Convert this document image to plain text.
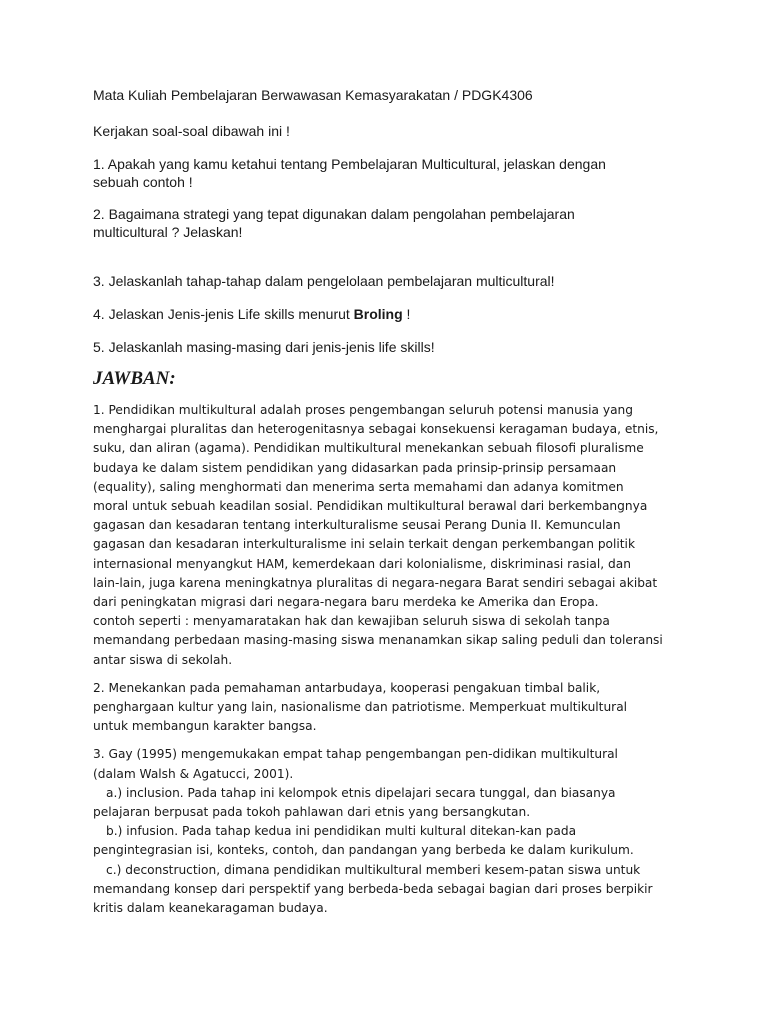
Mata Kuliah Pembelajaran Berwawasan Kemasyarakatan / PDGK4306

Kerjakan soal-soal dibawah ini !

1. Apakah yang kamu ketahui tentang Pembelajaran Multicultural, jelaskan dengan

sebuah contoh !

2. Bagaimana strategi yang tepat digunakan dalam pengolahan pembelajaran

multicultural ? Jelaskan!

3. Jelaskanlah tahap-tahap dalam pengelolaan pembelajaran multicultural!

4. Jelaskan Jenis-jenis Life skills menurut Broling !

5. Jelaskanlah masing-masing dari jenis-jenis life skills!

JAWBAN:

1. Pendidikan multikultural adalah proses pengembangan seluruh potensi manusia yang

menghargai pluralitas dan heterogenitasnya sebagai konsekuensi keragaman budaya, etnis,

suku, dan aliran (agama). Pendidikan multikultural menekankan sebuah filosofi pluralisme

budaya ke dalam sistem pendidikan yang didasarkan pada prinsip-prinsip persamaan

(equality), saling menghormati dan menerima serta memahami dan adanya komitmen

moral untuk sebuah keadilan sosial. Pendidikan multikultural berawal dari berkembangnya

gagasan dan kesadaran tentang interkulturalisme seusai Perang Dunia II. Kemunculan

gagasan dan kesadaran interkulturalisme ini selain terkait dengan perkembangan politik

internasional menyangkut HAM, kemerdekaan dari kolonialisme, diskriminasi rasial, dan

lain-lain, juga karena meningkatnya pluralitas di negara-negara Barat sendiri sebagai akibat

dari peningkatan migrasi dari negara-negara baru merdeka ke Amerika dan Eropa.

contoh seperti : menyamaratakan hak dan kewajiban seluruh siswa di sekolah tanpa

memandang perbedaan masing-masing siswa menanamkan sikap saling peduli dan toleransi

antar siswa di sekolah.

2. Menekankan pada pemahaman antarbudaya, kooperasi pengakuan timbal balik,

penghargaan kultur yang lain, nasionalisme dan patriotisme. Memperkuat multikultural

untuk membangun karakter bangsa.

3. Gay (1995) mengemukakan empat tahap pengembangan pen-didikan multikultural

(dalam Walsh & Agatucci, 2001).

a.) inclusion. Pada tahap ini kelompok etnis dipelajari secara tunggal, dan biasanya

pelajaran berpusat pada tokoh pahlawan dari etnis yang bersangkutan.

b.) infusion. Pada tahap kedua ini pendidikan multi kultural ditekan-kan pada

pengintegrasian isi, konteks, contoh, dan pandangan yang berbeda ke dalam kurikulum.

c.) deconstruction, dimana pendidikan multikultural memberi kesem-patan siswa untuk

memandang konsep dari perspektif yang berbeda-beda sebagai bagian dari proses berpikir

kritis dalam keanekaragaman budaya.
